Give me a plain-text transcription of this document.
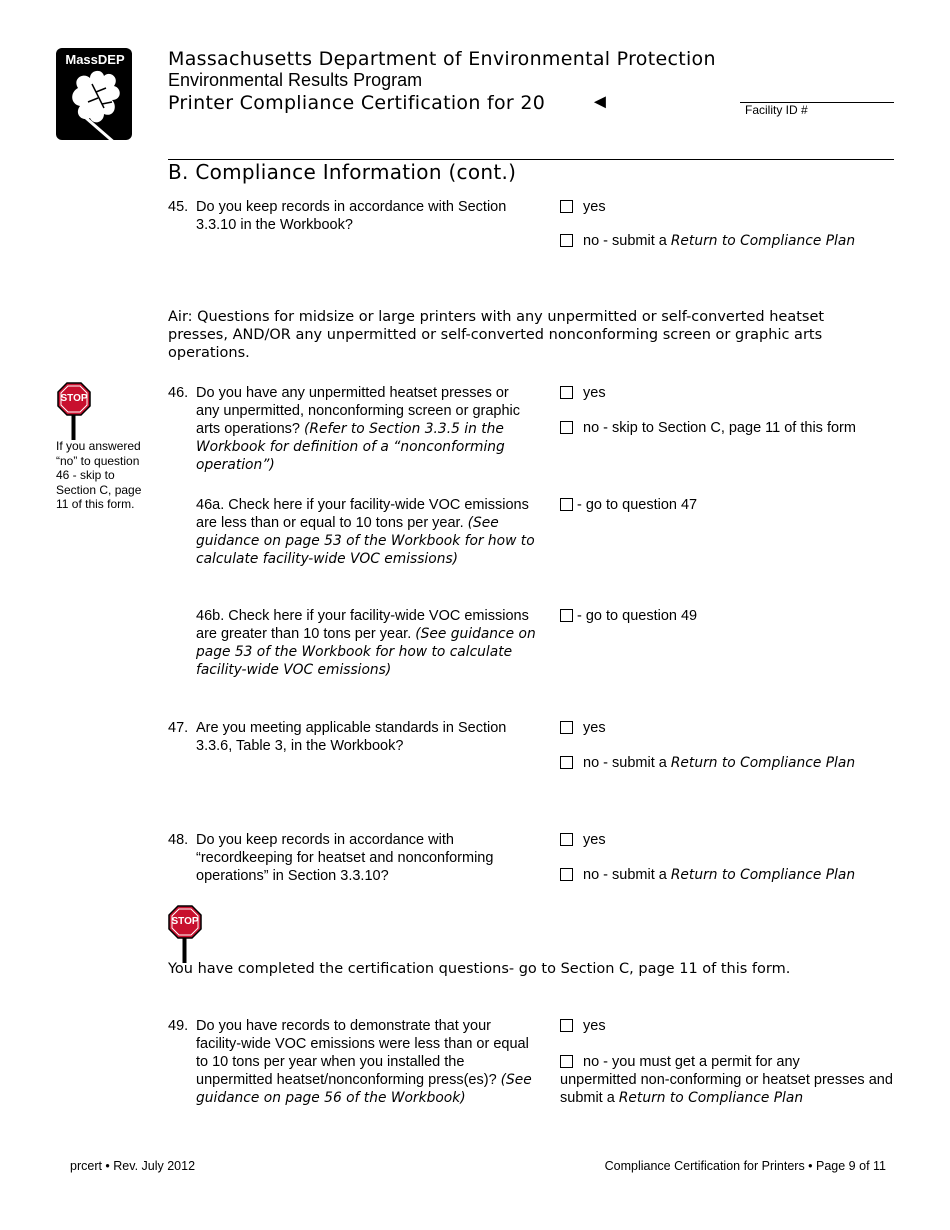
MassDEP Massachusetts Department of Environmental Protection
Environmental Results Program
Printer Compliance Certification for 20 ◄	Facility ID #
B. Compliance Information (cont.)
45. Do you keep records in accordance with Section 3.3.10 in the Workbook?
yes
no - submit a Return to Compliance Plan
Air: Questions for midsize or large printers with any unpermitted or self-converted heatset presses, AND/OR any unpermitted or self-converted nonconforming screen or graphic arts operations.
STOP
If you answered “no” to question 46 - skip to Section C, page 11 of this form.
46. Do you have any unpermitted heatset presses or any unpermitted, nonconforming screen or graphic arts operations? (Refer to Section 3.3.5 in the Workbook for definition of a “nonconforming operation”)
yes
no - skip to Section C, page 11 of this form
46a. Check here if your facility-wide VOC emissions are less than or equal to 10 tons per year. (See guidance on page 53 of the Workbook for how to calculate facility-wide VOC emissions)
- go to question 47
46b. Check here if your facility-wide VOC emissions are greater than 10 tons per year. (See guidance on page 53 of the Workbook for how to calculate facility-wide VOC emissions)
- go to question 49
47. Are you meeting applicable standards in Section 3.3.6, Table 3, in the Workbook?
yes
no - submit a Return to Compliance Plan
48. Do you keep records in accordance with “recordkeeping for heatset and nonconforming operations” in Section 3.3.10?
yes
no - submit a Return to Compliance Plan
STOP
You have completed the certification questions- go to Section C, page 11 of this form.
49. Do you have records to demonstrate that your facility-wide VOC emissions were less than or equal to 10 tons per year when you installed the unpermitted heatset/nonconforming press(es)? (See guidance on page 56 of the Workbook)
yes
no - you must get a permit for any
unpermitted non-conforming or heatset presses and submit a Return to Compliance Plan
prcert • Rev. July 2012	Compliance Certification for Printers • Page 9 of 11
